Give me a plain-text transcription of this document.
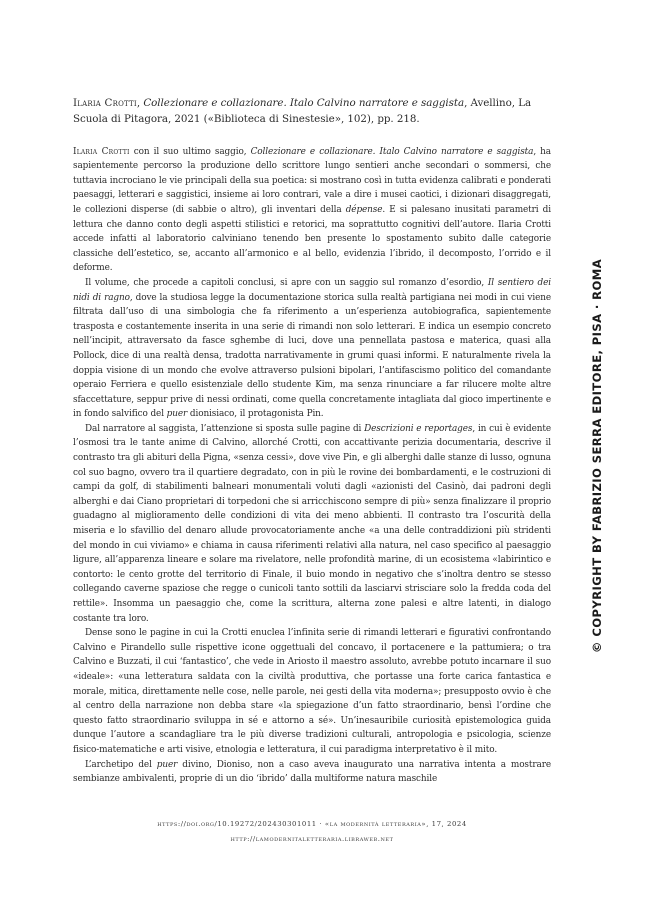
Ilaria Crotti, Collezionare e collazionare. Italo Calvino narratore e saggista, Avellino, La Scuola di Pitagora, 2021 («Biblioteca di Sinestesie», 102), pp. 218.

Ilaria Crotti con il suo ultimo saggio, Collezionare e collazionare. Italo Calvino narratore e saggista, ha sapientemente percorso la produzione dello scrittore lungo sentieri anche secondari o sommersi, che tuttavia incrociano le vie principali della sua poetica: si mostrano così in tutta evidenza calibrati e ponderati paesaggi, letterari e saggistici, insieme ai loro contrari, vale a dire i musei caotici, i dizionari disaggregati, le collezioni disperse (di sabbie o altro), gli inventari della dépense. E si palesano inusitati parametri di lettura che danno conto degli aspetti stilistici e retorici, ma soprattutto cognitivi dell’autore. Ilaria Crotti accede infatti al laboratorio calviniano tenendo ben presente lo spostamento subito dalle categorie classiche dell’estetico, se, accanto all’armonico e al bello, evidenzia l’ibrido, il decomposto, l’orrido e il deforme.

Il volume, che procede a capitoli conclusi, si apre con un saggio sul romanzo d’esordio, Il sentiero dei nidi di ragno, dove la studiosa legge la documentazione storica sulla realtà partigiana nei modi in cui viene filtrata dall’uso di una simbologia che fa riferimento a un’esperienza autobiografica, sapientemente trasposta e costantemente inserita in una serie di rimandi non solo letterari. E indica un esempio concreto nell’incipit, attraversato da fasce sghembe di luci, dove una pennellata pastosa e materica, quasi alla Pollock, dice di una realtà densa, tradotta narrativamente in grumi quasi informi. E naturalmente rivela la doppia visione di un mondo che evolve attraverso pulsioni bipolari, l’antifascismo politico del comandante operaio Ferriera e quello esistenziale dello studente Kim, ma senza rinunciare a far rilucere molte altre sfaccettature, seppur prive di nessi ordinati, come quella concretamente intagliata dal gioco impertinente e in fondo salvifico del puer dionisiaco, il protagonista Pin.

Dal narratore al saggista, l’attenzione si sposta sulle pagine di Descrizioni e reportages, in cui è evidente l’osmosi tra le tante anime di Calvino, allorché Crotti, con accattivante perizia documentaria, descrive il contrasto tra gli abituri della Pigna, «senza cessi», dove vive Pin, e gli alberghi dalle stanze di lusso, ognuna col suo bagno, ovvero tra il quartiere degradato, con in più le rovine dei bombardamenti, e le costruzioni di campi da golf, di stabilimenti balneari monumentali voluti dagli «azionisti del Casinò, dai padroni degli alberghi e dai Ciano proprietari di torpedoni che si arricchiscono sempre di più» senza finalizzare il proprio guadagno al miglioramento delle condizioni di vita dei meno abbienti. Il contrasto tra l’oscurità della miseria e lo sfavillio del denaro allude provocatoriamente anche «a una delle contraddizioni più stridenti del mondo in cui viviamo» e chiama in causa riferimenti relativi alla natura, nel caso specifico al paesaggio ligure, all’apparenza lineare e solare ma rivelatore, nelle profondità marine, di un ecosistema «labirintico e contorto: le cento grotte del territorio di Finale, il buio mondo in negativo che s’inoltra dentro se stesso collegando caverne spaziose che regge o cunicoli tanto sottili da lasciarvi strisciare solo la fredda coda del rettile». Insomma un paesaggio che, come la scrittura, alterna zone palesi e altre latenti, in dialogo costante tra loro.

Dense sono le pagine in cui la Crotti enuclea l’infinita serie di rimandi letterari e figurativi confrontando Calvino e Pirandello sulle rispettive icone oggettuali del concavo, il portacenere e la pattumiera; o tra Calvino e Buzzati, il cui ‘fantastico’, che vede in Ariosto il maestro assoluto, avrebbe potuto incarnare il suo «ideale»: «una letteratura saldata con la civiltà produttiva, che portasse una forte carica fantastica e morale, mitica, direttamente nelle cose, nelle parole, nei gesti della vita moderna»; presupposto ovvio è che al centro della narrazione non debba stare «la spiegazione d’un fatto straordinario, bensì l’ordine che questo fatto straordinario sviluppa in sé e attorno a sé». Un’inesauribile curiosità epistemologica guida dunque l’autore a scandagliare tra le più diverse tradizioni culturali, antropologia e psicologia, scienze fisico-matematiche e arti visive, etnologia e letteratura, il cui paradigma interpretativo è il mito.

L’archetipo del puer divino, Dioniso, non a caso aveva inaugurato una narrativa intenta a mostrare sembianze ambivalenti, proprie di un dio ‘ibrido’ dalla multiforme natura maschile

https://doi.org/10.19272/202430301011 · «la modernità letteraria», 17, 2024
http://lamodernitaletteraria.libraweb.net
© COPYRIGHT BY FABRIZIO SERRA EDITORE, PISA · ROMA
